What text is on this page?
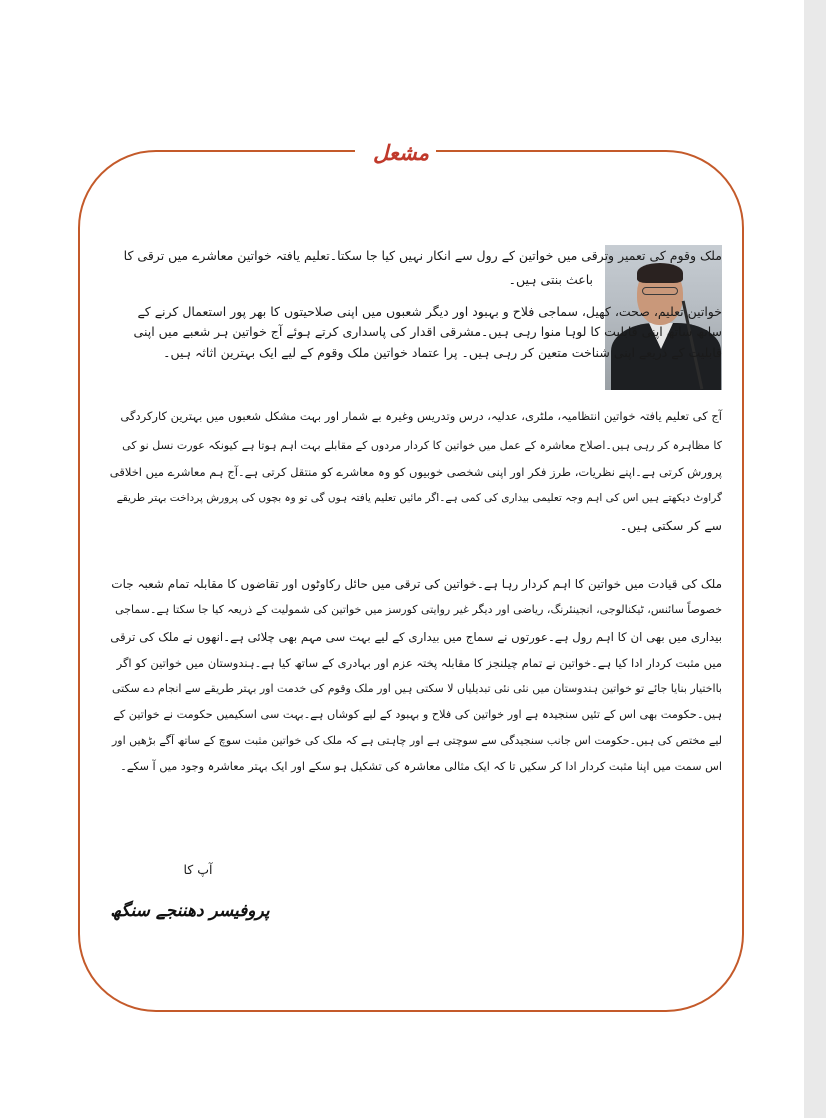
مشعل
ملک وقوم کی تعمیر وترقی میں خواتین کے رول سے انکار نہیں کیا جا سکتا۔تعلیم یافتہ خواتین معاشرے میں ترقی کا
باعث بنتی ہیں۔
خواتین تعلیم، صحت، کھیل، سماجی فلاح و بہبود اور دیگر شعبوں میں اپنی صلاحیتوں کا بھر پور استعمال کرنے کے
ساتھ ساتھ اپنی قابلیت کا لوہا منوا رہی ہیں۔مشرقی اقدار کی پاسداری کرتے ہوئے آج خواتین ہر شعبے میں اپنی
قابلیت کے ذریعے اپنی شناخت متعین کر رہی ہیں۔ پرا عتماد خواتین ملک وقوم کے لیے ایک بہترین اثاثہ ہیں۔
آج کی تعلیم یافتہ خواتین انتظامیہ، ملٹری، عدلیہ، درس وتدریس وغیرہ بے شمار اور بہت مشکل شعبوں میں بہترین کارکردگی
کا مظاہرہ کر رہی ہیں۔اصلاح معاشرہ کے عمل میں خواتین کا کردار مردوں کے مقابلے بہت اہم ہوتا ہے کیونکہ عورت نسل نو کی
پرورش کرتی ہے۔اپنے نظریات، طرز فکر اور اپنی شخصی خوبیوں کو وہ معاشرے کو منتقل کرتی ہے۔آج ہم معاشرے میں اخلاقی
گراوٹ دیکھتے ہیں اس کی اہم وجہ تعلیمی بیداری کی کمی ہے۔اگر مائیں تعلیم یافتہ ہوں گی تو وہ بچوں کی پرورش پرداخت بہتر طریقے
سے کر سکتی ہیں۔
ملک کی قیادت میں خواتین کا اہم کردار رہا ہے۔خواتین کی ترقی میں حائل رکاوٹوں اور تقاضوں کا مقابلہ تمام شعبہ جات
خصوصاً سائنس، ٹیکنالوجی، انجینئرنگ، ریاضی اور دیگر غیر روایتی کورسز میں خواتین کی شمولیت کے ذریعہ کیا جا سکتا ہے۔سماجی
بیداری میں بھی ان کا اہم رول ہے۔عورتوں نے سماج میں بیداری کے لیے بہت سی مہم بھی چلائی ہے۔انھوں نے ملک کی ترقی
میں مثبت کردار ادا کیا ہے۔خواتین نے تمام چیلنجز کا مقابلہ پختہ عزم اور بہادری کے ساتھ کیا ہے۔ہندوستان میں خواتین کو اگر
بااختیار بنایا جائے تو خواتین ہندوستان میں نئی نئی تبدیلیاں لا سکتی ہیں اور ملک وقوم کی خدمت اور بہتر طریقے سے انجام دے سکتی
ہیں۔حکومت بھی اس کے تئیں سنجیدہ ہے اور خواتین کی فلاح و بہبود کے لیے کوشاں ہے۔بہت سی اسکیمیں حکومت نے خواتین کے
لیے مختص کی ہیں۔حکومت اس جانب سنجیدگی سے سوچتی ہے اور چاہتی ہے کہ ملک کی خواتین مثبت سوچ کے ساتھ آگے بڑھیں اور
اس سمت میں اپنا مثبت کردار ادا کر سکیں تا کہ ایک مثالی معاشرہ کی تشکیل ہو سکے اور ایک بہتر معاشرہ وجود میں آ سکے۔
آپ کا
پروفیسر دھننجے سنگھ
